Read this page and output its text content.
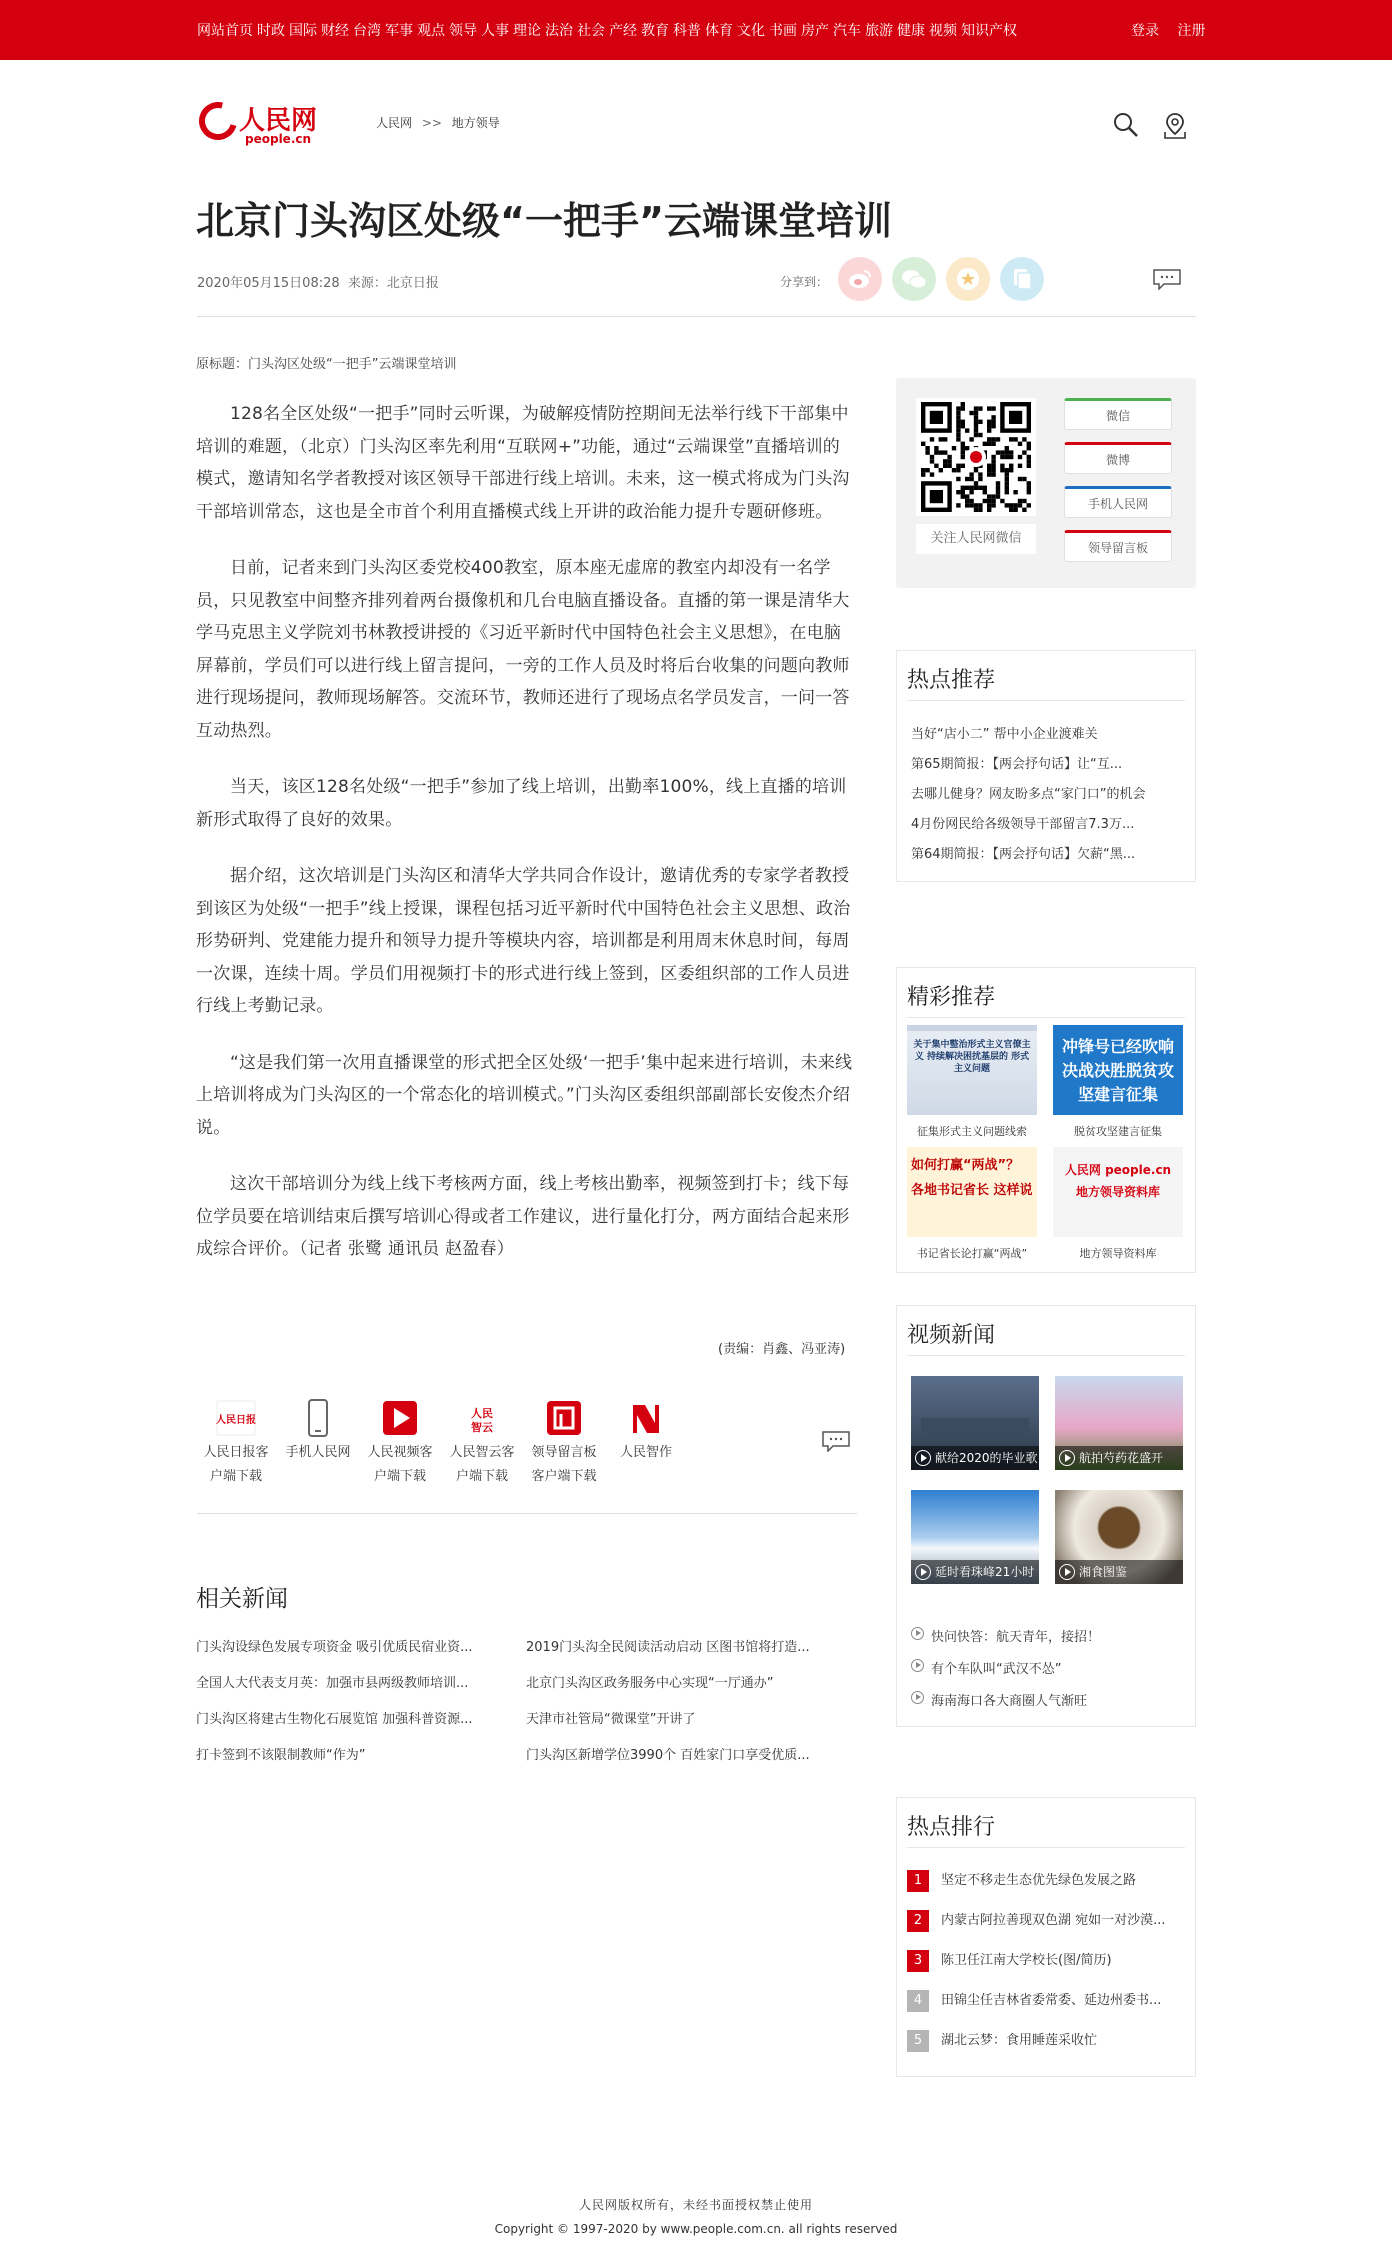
网站首页 时政 国际 财经 台湾 军事 观点 领导 人事 理论 法治 社会 产经 教育 科普 体育 文化 书画 房产 汽车 旅游 健康 视频 知识产权	登录 注册
人民网
people.cn
人民网 >> 地方领导
北京门头沟区处级“一把手”云端课堂培训
2020年05月15日08:28 来源：北京日报	分享到：
原标题：门头沟区处级“一把手”云端课堂培训

128名全区处级“一把手”同时云听课，为破解疫情防控期间无法举行线下干部集中培训的难题，（北京）门头沟区率先利用“互联网+”功能，通过“云端课堂”直播培训的模式，邀请知名学者教授对该区领导干部进行线上培训。未来，这一模式将成为门头沟干部培训常态，这也是全市首个利用直播模式线上开讲的政治能力提升专题研修班。

日前，记者来到门头沟区委党校400教室，原本座无虚席的教室内却没有一名学员，只见教室中间整齐排列着两台摄像机和几台电脑直播设备。直播的第一课是清华大学马克思主义学院刘书林教授讲授的《习近平新时代中国特色社会主义思想》，在电脑屏幕前，学员们可以进行线上留言提问，一旁的工作人员及时将后台收集的问题向教师进行现场提问，教师现场解答。交流环节，教师还进行了现场点名学员发言，一问一答互动热烈。

当天，该区128名处级“一把手”参加了线上培训，出勤率100%，线上直播的培训新形式取得了良好的效果。

据介绍，这次培训是门头沟区和清华大学共同合作设计，邀请优秀的专家学者教授到该区为处级“一把手”线上授课，课程包括习近平新时代中国特色社会主义思想、政治形势研判、党建能力提升和领导力提升等模块内容，培训都是利用周末休息时间，每周一次课，连续十周。学员们用视频打卡的形式进行线上签到，区委组织部的工作人员进行线上考勤记录。

“这是我们第一次用直播课堂的形式把全区处级‘一把手’集中起来进行培训，未来线上培训将成为门头沟区的一个常态化的培训模式。”门头沟区委组织部副部长安俊杰介绍说。

这次干部培训分为线上线下考核两方面，线上考核出勤率，视频签到打卡；线下每位学员要在培训结束后撰写培训心得或者工作建议，进行量化打分，两方面结合起来形成综合评价。（记者 张鹭 通讯员 赵盈春）

(责编：肖鑫、冯亚涛)
人民日报
人民日报客
户端下载
手机人民网	人民视频客
户端下载
人民
智云
人民智云客
户端下载
领导留言板
客户端下载
人民智作
相关新闻
门头沟设绿色发展专项资金 吸引优质民宿业资...	2019门头沟全民阅读活动启动 区图书馆将打造...
全国人大代表支月英：加强市县两级教师培训...	北京门头沟区政务服务中心实现“一厅通办”
门头沟区将建古生物化石展览馆 加强科普资源...	天津市社管局“微课堂”开讲了
打卡签到不该限制教师“作为”	门头沟区新增学位3990个 百姓家门口享受优质...
关注人民网微信
微信
微博
手机人民网
领导留言板
热点推荐
当好“店小二” 帮中小企业渡难关
第65期简报：【两会抒句话】让“互...
去哪儿健身？网友盼多点“家门口”的机会
4月份网民给各级领导干部留言7.3万...
第64期简报：【两会抒句话】欠薪“黑...
精彩推荐
关于集中整治形式主义官僚主义 持续解决困扰基层的 形式主义问题
征集形式主义问题线索
冲锋号已经吹响 决战决胜脱贫攻坚建言征集
脱贫攻坚建言征集
如何打赢“两战”？ 各地书记省长 这样说
书记省长论打赢“两战”
人民网 people.cn 地方领导资料库
地方领导资料库
视频新闻
献给2020的毕业歌	航拍芍药花盛开
延时看珠峰21小时	湘食图鉴
快问快答：航天青年，接招！
有个车队叫“武汉不怂”
海南海口各大商圈人气渐旺
热点排行
1	坚定不移走生态优先绿色发展之路
2	内蒙古阿拉善现双色湖 宛如一对沙漠...
3	陈卫任江南大学校长(图/简历)
4	田锦尘任吉林省委常委、延边州委书...
5	湖北云梦：食用睡莲采收忙
人民网版权所有，未经书面授权禁止使用
Copyright © 1997-2020 by www.people.com.cn. all rights reserved
